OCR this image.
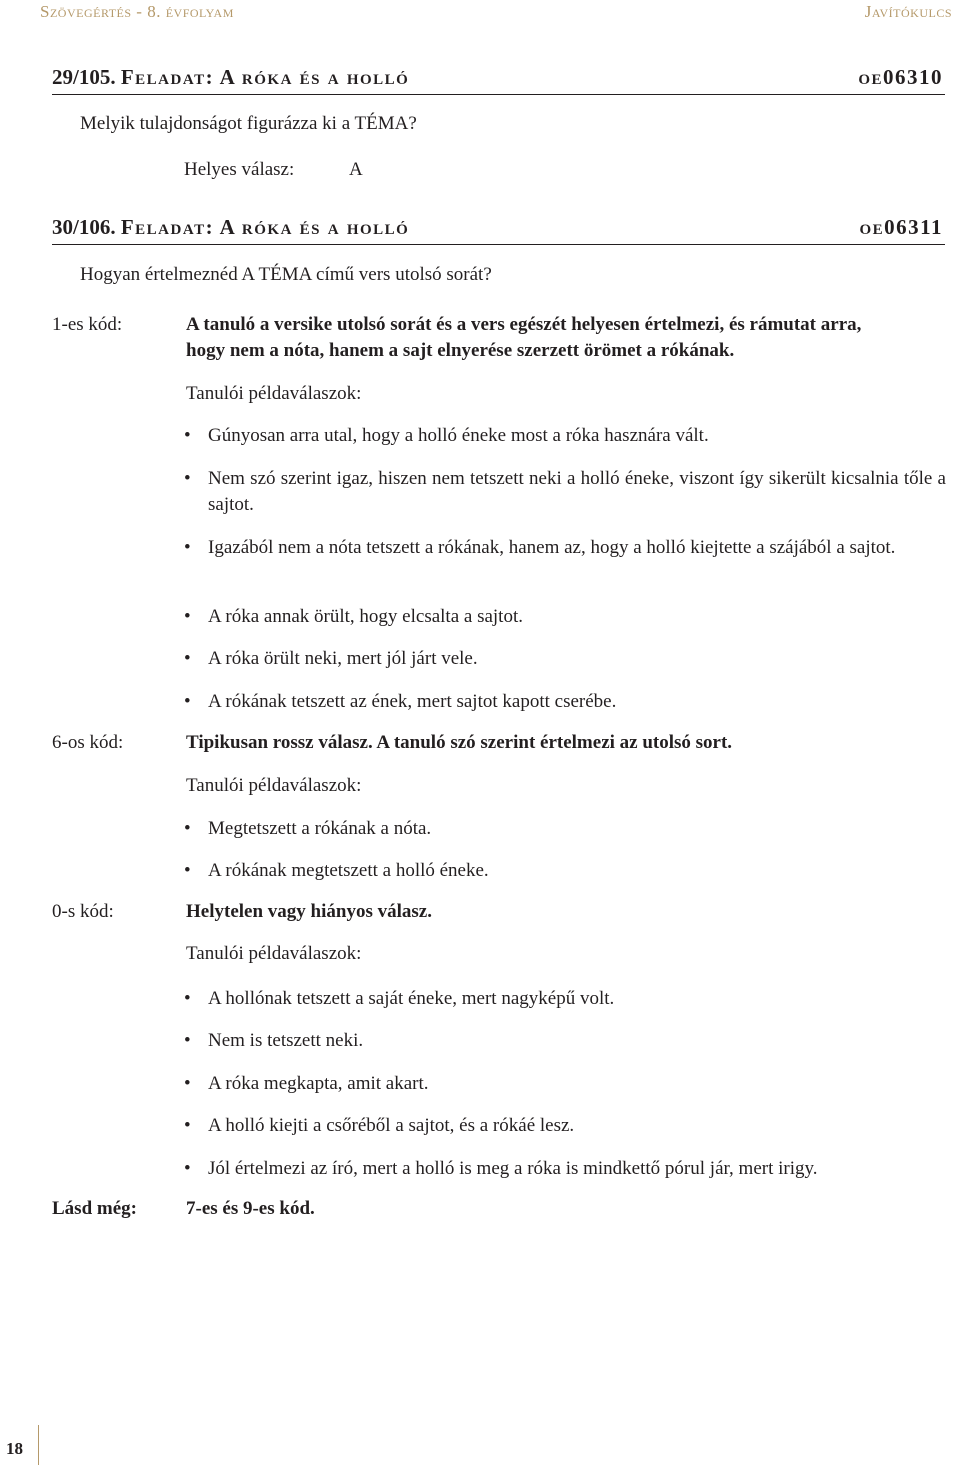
Szövegértés - 8. évfolyam	Javítókulcs
29/105. Feladat: A róka és a holló	oe06310
Melyik tulajdonságot figurázza ki a TÉMA?
Helyes válasz:	A
30/106. Feladat: A róka és a holló	oe06311
Hogyan értelmeznéd A TÉMA című vers utolsó sorát?
1-es kód:	A tanuló a versike utolsó sorát és a vers egészét helyesen értelmezi, és rámutat arra,
hogy nem a nóta, hanem a sajt elnyerése szerzett örömet a rókának.
Tanulói példaválaszok:
• Gúnyosan arra utal, hogy a holló éneke most a róka hasznára vált.
• Nem szó szerint igaz, hiszen nem tetszett neki a holló éneke, viszont így sikerült kicsalnia tőle a sajtot.
• Igazából nem a nóta tetszett a rókának, hanem az, hogy a holló kiejtette a szájából a sajtot.
• A róka annak örült, hogy elcsalta a sajtot.
• A róka örült neki, mert jól járt vele.
• A rókának tetszett az ének, mert sajtot kapott cserébe.
6-os kód:	Tipikusan rossz válasz. A tanuló szó szerint értelmezi az utolsó sort.
Tanulói példaválaszok:
• Megtetszett a rókának a nóta.
• A rókának megtetszett a holló éneke.
0-s kód:	Helytelen vagy hiányos válasz.
Tanulói példaválaszok:
• A hollónak tetszett a saját éneke, mert nagyképű volt.
• Nem is tetszett neki.
• A róka megkapta, amit akart.
• A holló kiejti a csőréből a sajtot, és a rókáé lesz.
• Jól értelmezi az író, mert a holló is meg a róka is mindkettő pórul jár, mert irigy.
Lásd még:	7-es és 9-es kód.
18
